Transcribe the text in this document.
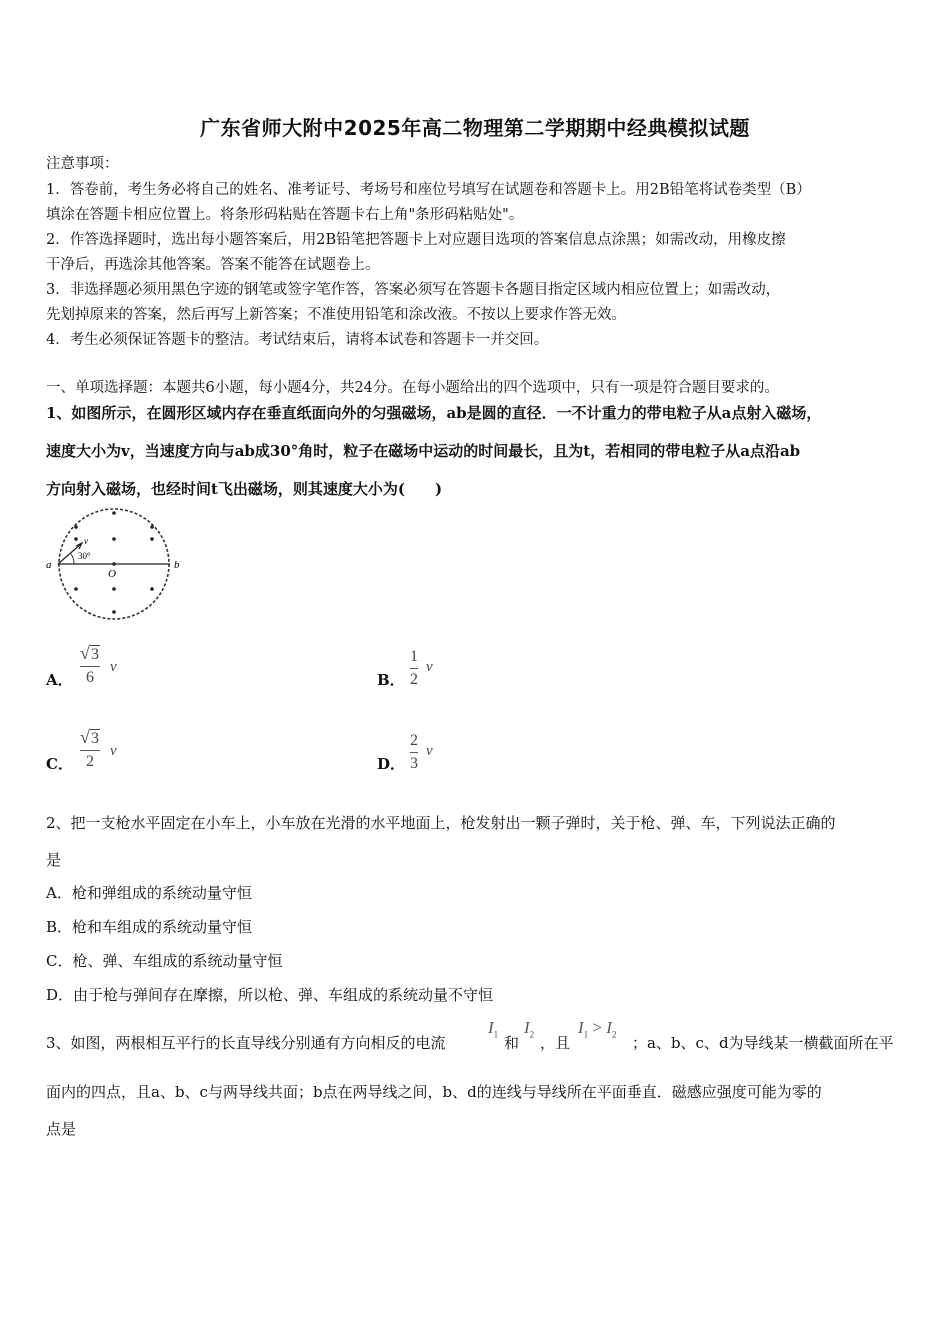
广东省师大附中2025年高二物理第二学期期中经典模拟试题
注意事项：
1．答卷前，考生务必将自己的姓名、准考证号、考场号和座位号填写在试题卷和答题卡上。用2B铅笔将试卷类型（B）
填涂在答题卡相应位置上。将条形码粘贴在答题卡右上角"条形码粘贴处"。
2．作答选择题时，选出每小题答案后，用2B铅笔把答题卡上对应题目选项的答案信息点涂黑；如需改动，用橡皮擦
干净后，再选涂其他答案。答案不能答在试题卷上。
3．非选择题必须用黑色字迹的钢笔或签字笔作答，答案必须写在答题卡各题目指定区域内相应位置上；如需改动，
先划掉原来的答案，然后再写上新答案；不准使用铅笔和涂改液。不按以上要求作答无效。
4．考生必须保证答题卡的整洁。考试结束后，请将本试卷和答题卡一并交回。
一、单项选择题：本题共6小题，每小题4分，共24分。在每小题给出的四个选项中，只有一项是符合题目要求的。
1、如图所示，在圆形区域内存在垂直纸面向外的匀强磁场，ab是圆的直径．一不计重力的带电粒子从a点射入磁场，
速度大小为v，当速度方向与ab成30°角时，粒子在磁场中运动的时间最长，且为t，若相同的带电粒子从a点沿ab
方向射入磁场，也经时间t飞出磁场，则其速度大小为(　　)
a	b
O
v
30°
A．
√ 3
6
v
B．
1
2
v
C．
√ 3
2
v
D．
2
3
v
2、把一支枪水平固定在小车上，小车放在光滑的水平地面上，枪发射出一颗子弹时，关于枪、弹、车，下列说法正确的
是
A．枪和弹组成的系统动量守恒
B．枪和车组成的系统动量守恒
C．枪、弹、车组成的系统动量守恒
D．由于枪与弹间存在摩擦，所以枪、弹、车组成的系统动量不守恒
3、如图，两根相互平行的长直导线分别通有方向相反的电流
$I_1$ 和
$I_2$ ，且
$I_1 > I_2$ ；a、b、c、d为导线某一横截面所在平
面内的四点，且a、b、c与两导线共面；b点在两导线之间，b、d的连线与导线所在平面垂直．磁感应强度可能为零的
点是
